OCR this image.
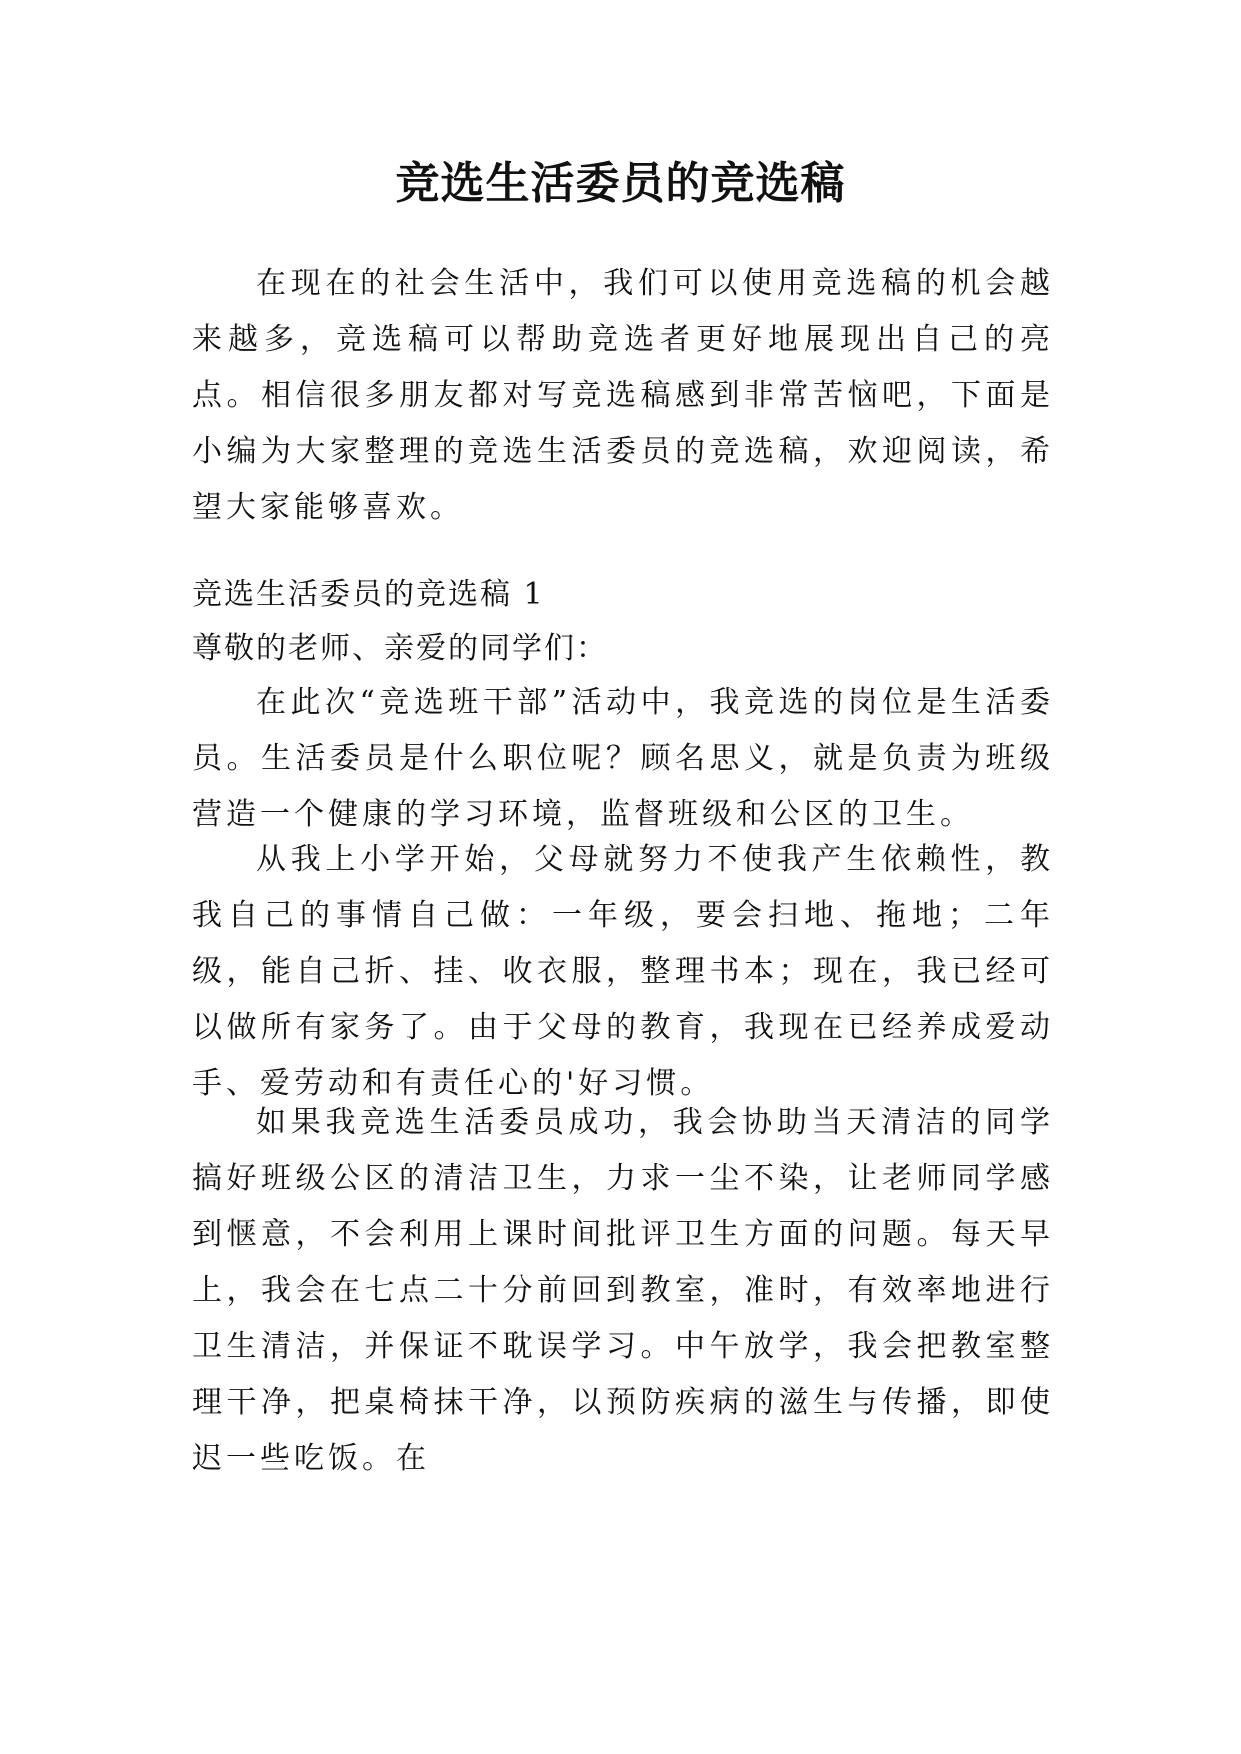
竞选生活委员的竞选稿

在现在的社会生活中，我们可以使用竞选稿的机会越来越多，竞选稿可以帮助竞选者更好地展现出自己的亮点。相信很多朋友都对写竞选稿感到非常苦恼吧，下面是小编为大家整理的竞选生活委员的竞选稿，欢迎阅读，希望大家能够喜欢。

竞选生活委员的竞选稿 1

尊敬的老师、亲爱的同学们：

在此次“竞选班干部”活动中，我竞选的岗位是生活委员。生活委员是什么职位呢？顾名思义，就是负责为班级营造一个健康的学习环境，监督班级和公区的卫生。

从我上小学开始，父母就努力不使我产生依赖性，教我自己的事情自己做：一年级，要会扫地、拖地；二年级，能自己折、挂、收衣服，整理书本；现在，我已经可以做所有家务了。由于父母的教育，我现在已经养成爱动手、爱劳动和有责任心的'好习惯。

如果我竞选生活委员成功，我会协助当天清洁的同学搞好班级公区的清洁卫生，力求一尘不染，让老师同学感到惬意，不会利用上课时间批评卫生方面的问题。每天早上，我会在七点二十分前回到教室，准时，有效率地进行卫生清洁，并保证不耽误学习。中午放学，我会把教室整理干净，把桌椅抹干净，以预防疾病的滋生与传播，即使迟一些吃饭。在
